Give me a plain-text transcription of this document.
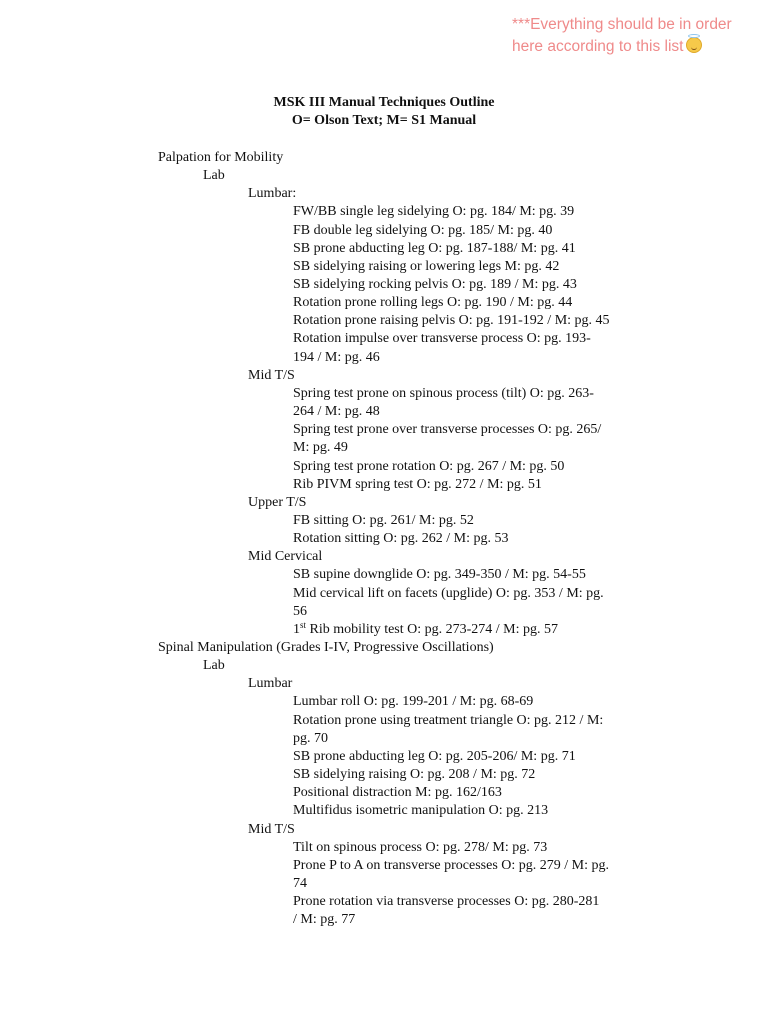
***Everything should be in order here according to this list
MSK III Manual Techniques Outline
O= Olson Text; M= S1 Manual
Palpation for Mobility
Lab
Lumbar:
FW/BB single leg sidelying O: pg. 184/ M: pg. 39
FB double leg sidelying O: pg. 185/ M: pg. 40
SB prone abducting leg O: pg. 187-188/ M: pg. 41
SB sidelying raising or lowering legs M: pg. 42
SB sidelying rocking pelvis O: pg. 189 / M: pg. 43
Rotation prone rolling legs O: pg. 190 / M: pg. 44
Rotation prone raising pelvis O: pg. 191-192 / M: pg. 45
Rotation impulse over transverse process O: pg. 193-
194 / M: pg. 46
Mid T/S
Spring test prone on spinous process (tilt) O: pg. 263-
264 / M: pg. 48
Spring test prone over transverse processes O: pg. 265/
M: pg. 49
Spring test prone rotation O: pg. 267 / M: pg. 50
Rib PIVM spring test O: pg. 272 / M: pg. 51
Upper T/S
FB sitting O: pg. 261/ M: pg. 52
Rotation sitting O: pg. 262 / M: pg. 53
Mid Cervical
SB supine downglide O: pg. 349-350 / M: pg. 54-55
Mid cervical lift on facets (upglide) O: pg. 353 / M: pg.
56
1st Rib mobility test O: pg. 273-274 / M: pg. 57
Spinal Manipulation (Grades I-IV, Progressive Oscillations)
Lab
Lumbar
Lumbar roll O: pg. 199-201 / M: pg. 68-69
Rotation prone using treatment triangle O: pg. 212 / M:
pg. 70
SB prone abducting leg O: pg. 205-206/ M: pg. 71
SB sidelying raising O: pg. 208 / M: pg. 72
Positional distraction M: pg. 162/163
Multifidus isometric manipulation O: pg. 213
Mid T/S
Tilt on spinous process O: pg. 278/ M: pg. 73
Prone P to A on transverse processes O: pg. 279 / M: pg.
74
Prone rotation via transverse processes O: pg. 280-281
/ M: pg. 77
